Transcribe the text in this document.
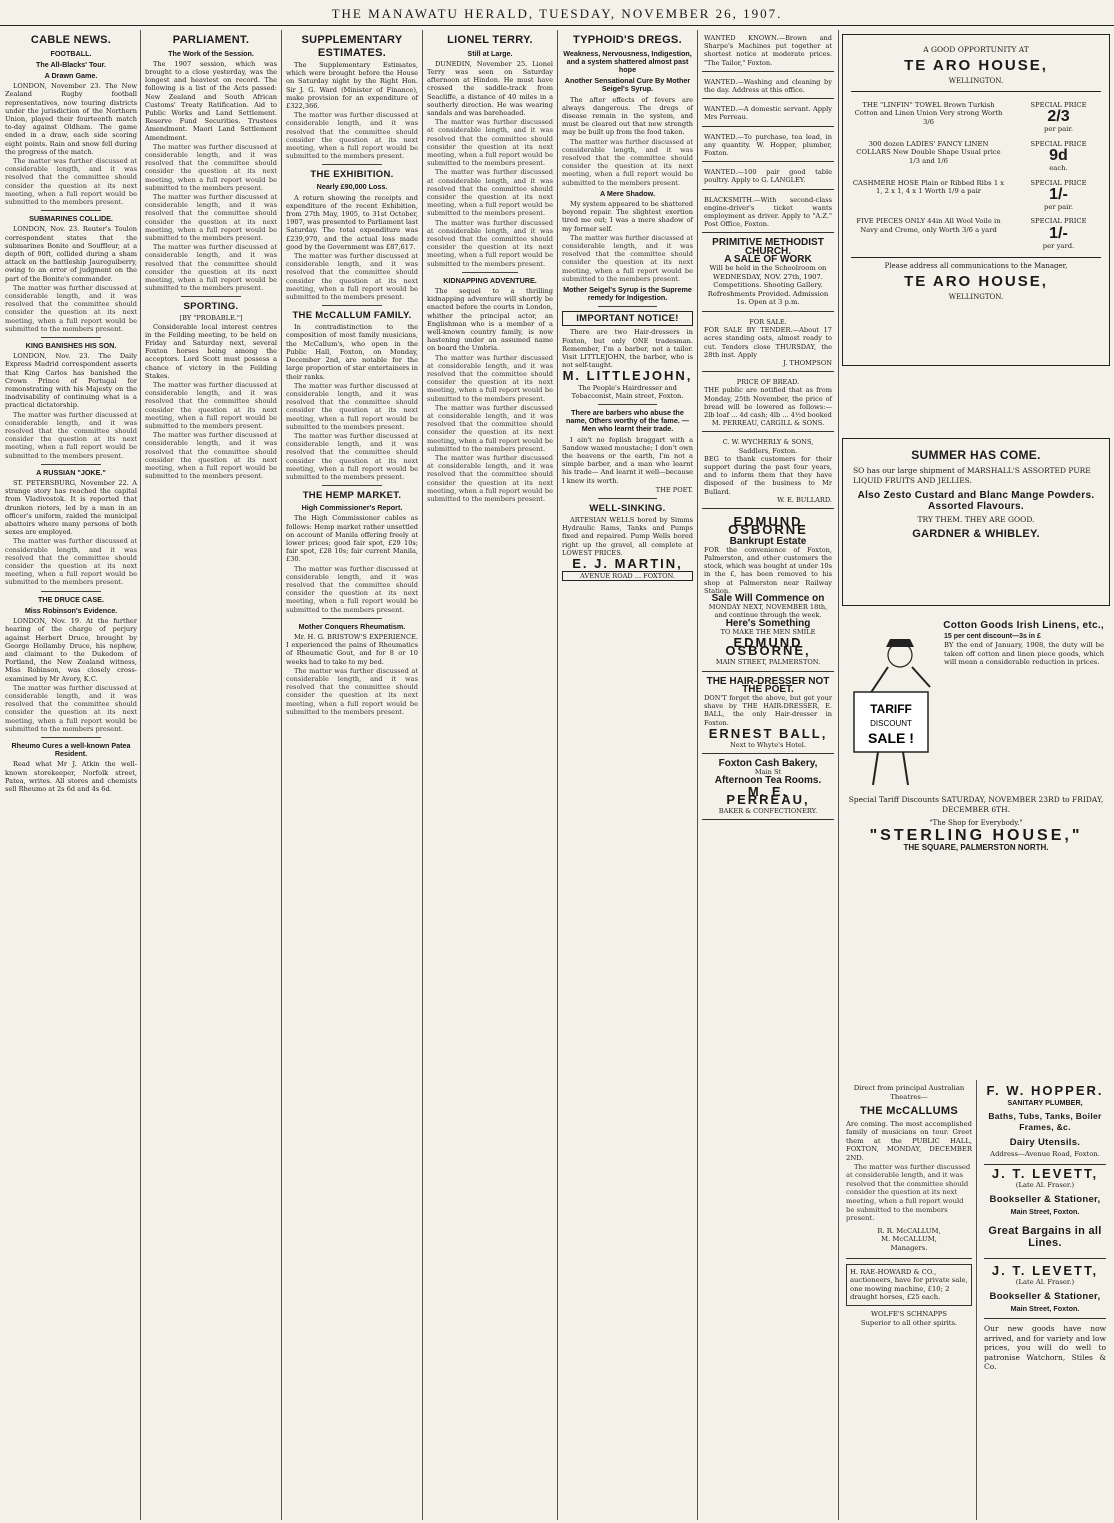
THE MANAWATU HERALD, TUESDAY, NOVEMBER 26, 1907.
CABLE NEWS.
FOOTBALL.
The All-Blacks' Tour.
A Drawn Game.

LONDON, November 23. The New Zealand Rugby football representatives, now touring districts under the jurisdiction of the Northern Union, played their fourteenth match to-day against Oldham. The game ended in a draw, each side scoring eight points. Rain and snow fell during the progress of the match.

The matter was further discussed at considerable length, and it was resolved that the committee should consider the question at its next meeting, when a full report would be submitted to the members present.

SUBMARINES COLLIDE.

LONDON, Nov. 23. Reuter's Toulon correspondent states that the submarines Bonite and Souffleur, at a depth of 90ft, collided during a sham attack on the battleship Jaureguiberry, owing to an error of judgment on the part of the Bonite's commander.

The matter was further discussed at considerable length, and it was resolved that the committee should consider the question at its next meeting, when a full report would be submitted to the members present.

KING BANISHES HIS SON.

LONDON, Nov. 23. The Daily Express Madrid correspondent asserts that King Carlos has banished the Crown Prince of Portugal for remonstrating with his Majesty on the inadvisability of continuing what is a practical dictatorship.

The matter was further discussed at considerable length, and it was resolved that the committee should consider the question at its next meeting, when a full report would be submitted to the members present.

A RUSSIAN "JOKE."

ST. PETERSBURG, November 22. A strange story has reached the capital from Vladivostok. It is reported that drunken rioters, led by a man in an officer's uniform, raided the municipal abattoirs where many persons of both sexes are employed.

The matter was further discussed at considerable length, and it was resolved that the committee should consider the question at its next meeting, when a full report would be submitted to the members present.

THE DRUCE CASE.
Miss Robinson's Evidence.

LONDON, Nov. 19. At the further hearing of the charge of perjury against Herbert Druce, brought by George Hollamby Druce, his nephew, and claimant to the Dukedom of Portland, the New Zealand witness, Miss Robinson, was closely cross-examined by Mr Avory, K.C.

The matter was further discussed at considerable length, and it was resolved that the committee should consider the question at its next meeting, when a full report would be submitted to the members present.

Rheumo Cures a well-known Patea Resident.

Read what Mr J. Atkin the well-known storekeeper, Norfolk street, Patea, writes. All stores and chemists sell Rheumo at 2s 6d and 4s 6d.

PARLIAMENT.
The Work of the Session.

The 1907 session, which was brought to a close yesterday, was the longest and heaviest on record. The following is a list of the Acts passed: New Zealand and South African Customs' Treaty Ratification. Aid to Public Works and Land Settlement. Reserve Fund Securities. Trustees Amendment. Maori Land Settlement Amendment.

The matter was further discussed at considerable length, and it was resolved that the committee should consider the question at its next meeting, when a full report would be submitted to the members present.

The matter was further discussed at considerable length, and it was resolved that the committee should consider the question at its next meeting, when a full report would be submitted to the members present.

The matter was further discussed at considerable length, and it was resolved that the committee should consider the question at its next meeting, when a full report would be submitted to the members present.

SPORTING.
[BY "PROBABLE."]

Considerable local interest centres in the Feilding meeting, to be held on Friday and Saturday next, several Foxton horses being among the acceptors. Lord Scott must possess a chance of victory in the Feilding Stakes.

The matter was further discussed at considerable length, and it was resolved that the committee should consider the question at its next meeting, when a full report would be submitted to the members present.

The matter was further discussed at considerable length, and it was resolved that the committee should consider the question at its next meeting, when a full report would be submitted to the members present.

SUPPLEMENTARY ESTIMATES.

The Supplementary Estimates, which were brought before the House on Saturday night by the Right Hon. Sir J. G. Ward (Minister of Finance), make provision for an expenditure of £322,366.

The matter was further discussed at considerable length, and it was resolved that the committee should consider the question at its next meeting, when a full report would be submitted to the members present.

THE EXHIBITION.
Nearly £90,000 Loss.

A return showing the receipts and expenditure of the recent Exhibition, from 27th May, 1905, to 31st October, 1907, was presented to Parliament last Saturday. The total expenditure was £239,970, and the actual loss made good by the Government was £87,617.

The matter was further discussed at considerable length, and it was resolved that the committee should consider the question at its next meeting, when a full report would be submitted to the members present.

THE McCALLUM FAMILY.

In contradistinction to the composition of most family musicians, the McCallum's, who open in the Public Hall, Foxton, on Monday, December 2nd, are notable for the large proportion of star entertainers in their ranks.

The matter was further discussed at considerable length, and it was resolved that the committee should consider the question at its next meeting, when a full report would be submitted to the members present.

The matter was further discussed at considerable length, and it was resolved that the committee should consider the question at its next meeting, when a full report would be submitted to the members present.

THE HEMP MARKET.
High Commissioner's Report.

The High Commissioner cables as follows: Hemp market rather unsettled on account of Manila offering freely at lower prices; good fair spot, £29 10s; fair spot, £28 10s; fair current Manila, £30.

The matter was further discussed at considerable length, and it was resolved that the committee should consider the question at its next meeting, when a full report would be submitted to the members present.

Mother Conquers Rheumatism.

Mr. H. G. BRISTOW'S EXPERIENCE. I experienced the pains of Rheumatics of Rheumatic Gout, and for 8 or 10 weeks had to take to my bed.

The matter was further discussed at considerable length, and it was resolved that the committee should consider the question at its next meeting, when a full report would be submitted to the members present.

LIONEL TERRY.
Still at Large.

DUNEDIN, November 25. Lionel Terry was seen on Saturday afternoon at Hindon. He must have crossed the saddle-track from Seacliffe, a distance of 40 miles in a southerly direction. He was wearing sandals and was bareheaded.

The matter was further discussed at considerable length, and it was resolved that the committee should consider the question at its next meeting, when a full report would be submitted to the members present.

The matter was further discussed at considerable length, and it was resolved that the committee should consider the question at its next meeting, when a full report would be submitted to the members present.

The matter was further discussed at considerable length, and it was resolved that the committee should consider the question at its next meeting, when a full report would be submitted to the members present.

KIDNAPPING ADVENTURE.

The sequel to a thrilling kidnapping adventure will shortly be enacted before the courts in London, whither the principal actor, an Englishman who is a member of a well-known country family, is now hastening under an assumed name on board the Umbria.

The matter was further discussed at considerable length, and it was resolved that the committee should consider the question at its next meeting, when a full report would be submitted to the members present.

The matter was further discussed at considerable length, and it was resolved that the committee should consider the question at its next meeting, when a full report would be submitted to the members present.

The matter was further discussed at considerable length, and it was resolved that the committee should consider the question at its next meeting, when a full report would be submitted to the members present.

TYPHOID'S DREGS.
Weakness, Nervousness, Indigestion, and a system shattered almost past hope
Another Sensational Cure By Mother Seigel's Syrup.

The after effects of fevers are always dangerous. The dregs of disease remain in the system, and must be cleared out that new strength may be built up from the food taken.

The matter was further discussed at considerable length, and it was resolved that the committee should consider the question at its next meeting, when a full report would be submitted to the members present.

A Mere Shadow.

My system appeared to be shattered beyond repair. The slightest exertion tired me out; I was a mere shadow of my former self.

The matter was further discussed at considerable length, and it was resolved that the committee should consider the question at its next meeting, when a full report would be submitted to the members present.

Mother Seigel's Syrup is the Supreme remedy for Indigestion.
IMPORTANT NOTICE!

There are two Hair-dressers in Foxton, but only ONE tradesman. Remember, I'm a barber, not a tailor. Visit LITTLEJOHN, the barber, who is not self-taught.

M. LITTLEJOHN,
The People's Hairdresser and Tobacconist, Main street, Foxton.
There are barbers who abuse the name, Others worthy of the fame. —Men who learnt their trade.

I ain't no foplish braggart with a Sandow waxed moustache; I don't own the heavens or the earth, I'm not a simple barber, and a man who learnt his trade— And learnt it well—because I knew its worth.

THE POET.
WELL-SINKING.

ARTESIAN WELLS bored by Simms Hydraulic Rams, Tanks and Pumps fixed and repaired. Pump Wells bored right up the gravel, all complete at LOWEST PRICES.

E. J. MARTIN,
AVENUE ROAD ... FOXTON.
WANTED KNOWN.—Brown and Sharpe's Machines put together at shortest notice at moderate prices. "The Tailor," Foxton.
WANTED.—Washing and cleaning by the day. Address at this office.
WANTED.—A domestic servant. Apply Mrs Perreau.
WANTED.—To purchase, tea lead, in any quantity. W. Hopper, plumber, Foxton.
WANTED.—100 pair good table poultry. Apply to G. LANGLEY.
BLACKSMITH.—With second-class engine-driver's ticket wants employment as driver. Apply to "A.Z." Post Office, Foxton.
PRIMITIVE METHODIST CHURCH.
A SALE OF WORK
Will be held in the Schoolroom on WEDNESDAY, NOV. 27th, 1907. Competitions. Shooting Gallery. Refreshments Provided. Admission 1s. Open at 3 p.m.
FOR SALE.
FOR SALE BY TENDER.—About 17 acres standing oats, almost ready to cut. Tenders close THURSDAY, the 28th inst. Apply
J. THOMPSON
PRICE OF BREAD.
THE public are notified that as from Monday, 25th November, the price of bread will be lowered as follows:— 2lb loaf ... 4d cash; 4lb ... 4½d booked
M. PERREAU, CARGILL & SONS.
C. W. WYCHERLY & SONS,
Saddlers, Foxton.
BEG to thank customers for their support during the past four years, and to inform them that they have disposed of the business to Mr Bullard.
W. E. BULLARD.
EDMUND OSBORNE
Bankrupt Estate
FOR the convenience of Foxton, Palmerston, and other customers the stock, which was bought at under 10s in the £, has been removed to his shop at Palmerston near Railway Station.
Sale Will Commence on
MONDAY NEXT, NOVEMBER 18th, and continue through the week.
Here's Something
TO MAKE THE MEN SMILE
EDMUND OSBORNE,
MAIN STREET, PALMERSTON.
THE HAIR-DRESSER NOT THE POET.
DON'T forget the above, but get your shave by THE HAIR-DRESSER, E. BALL, the only Hair-dresser in Foxton.
ERNEST BALL,
Next to Whyte's Hotel.
Foxton Cash Bakery,
Main St
Afternoon Tea Rooms.
M. E. PERREAU,
BAKER & CONFECTIONERY.
A GOOD OPPORTUNITY AT
TE ARO HOUSE,
WELLINGTON.
THE "LINFIN" TOWEL Brown Turkish Cotton and Linen Union Very strong Worth 3/6
SPECIAL PRICE
2/3
per pair.
300 dozen LADIES' FANCY LINEN COLLARS New Double Shape Usual price 1/3 and 1/6
SPECIAL PRICE
9d
each.
CASHMERE HOSE Plain or Ribbed Ribs 1 x 1, 2 x 1, 4 x 1 Worth 1/9 a pair
SPECIAL PRICE
1/-
per pair.
FIVE PIECES ONLY 44in All Wool Voile in Navy and Creme, only Worth 3/6 a yard
SPECIAL PRICE
1/-
per yard.
Please address all communications to the Manager,
TE ARO HOUSE,
WELLINGTON.
SUMMER HAS COME.
SO has our large shipment of MARSHALL'S ASSORTED PURE LIQUID FRUITS AND JELLIES.
Also Zesto Custard and Blanc Mange Powders. Assorted Flavours.
TRY THEM. THEY ARE GOOD.
GARDNER & WHIBLEY.
Cotton Goods Irish Linens, etc.,
TARIFF
DISCOUNT
SALE !
15 per cent discount—3s in £
BY the end of January, 1908, the duty will be taken off cotton and linen piece goods, which will mean a considerable reduction in prices.
Special Tariff Discounts SATURDAY, NOVEMBER 23RD to FRIDAY, DECEMBER 6TH.
"The Shop for Everybody."
"STERLING HOUSE,"
THE SQUARE, PALMERSTON NORTH.
Direct from principal Australian Theatres—
THE McCALLUMS
Are coming. The most accomplished family of musicians on tour. Greet them at the PUBLIC HALL, FOXTON, MONDAY, DECEMBER 2ND.

The matter was further discussed at considerable length, and it was resolved that the committee should consider the question at its next meeting, when a full report would be submitted to the members present.

R. R. McCALLUM,
M. McCALLUM,
Managers.
H. RAE-HOWARD & CO., auctioneers, have for private sale, one mowing machine, £10; 2 draught horses, £25 each.
WOLFE'S SCHNAPPS
Superior to all other spirits.
F. W. HOPPER.
SANITARY PLUMBER,
Baths, Tubs, Tanks, Boiler Frames, &c.
Dairy Utensils.
Address—Avenue Road, Foxton.
J. T. LEVETT,
(Late Al. Fraser.)
Bookseller & Stationer,
Main Street, Foxton.
Great Bargains in all Lines.
J. T. LEVETT,
(Late Al. Fraser.)
Bookseller & Stationer,
Main Street, Foxton.
Our new goods have now arrived, and for variety and low prices, you will do well to patronise Watchorn, Stiles & Co.
